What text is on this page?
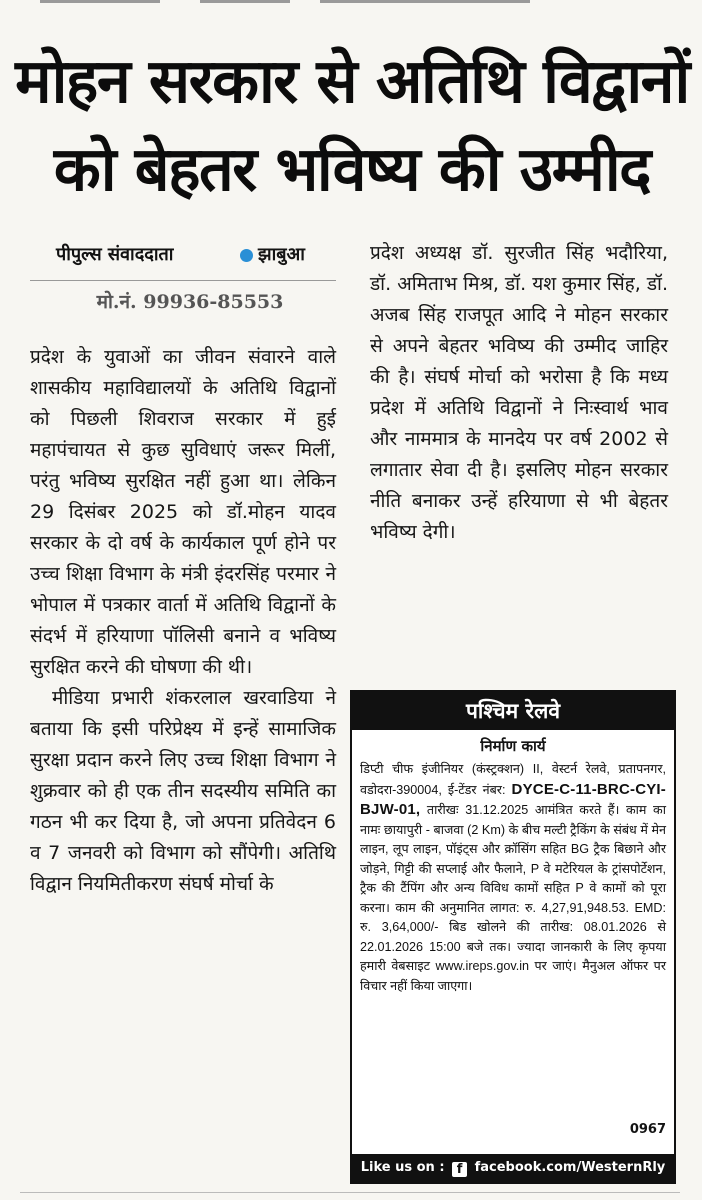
मोहन सरकार से अतिथि विद्वानों
को बेहतर भविष्य की उम्मीद
पीपुल्स संवाददाता	झाबुआ
मो.नं. 99936-85553

प्रदेश के युवाओं का जीवन संवारने वाले शासकीय महाविद्यालयों के अतिथि विद्वानों को पिछली शिवराज सरकार में हुई महापंचायत से कुछ सुविधाएं जरूर मिलीं, परंतु भविष्य सुरक्षित नहीं हुआ था। लेकिन 29 दिसंबर 2025 को डॉ.मोहन यादव सरकार के दो वर्ष के कार्यकाल पूर्ण होने पर उच्च शिक्षा विभाग के मंत्री इंदरसिंह परमार ने भोपाल में पत्रकार वार्ता में अतिथि विद्वानों के संदर्भ में हरियाणा पॉलिसी बनाने व भविष्य सुरक्षित करने की घोषणा की थी।

मीडिया प्रभारी शंकरलाल खरवाडिया ने बताया कि इसी परिप्रेक्ष्य में इन्हें सामाजिक सुरक्षा प्रदान करने लिए उच्च शिक्षा विभाग ने शुक्रवार को ही एक तीन सदस्यीय समिति का गठन भी कर दिया है, जो अपना प्रतिवेदन 6 व 7 जनवरी को विभाग को सौंपेगी। अतिथि विद्वान नियमितीकरण संघर्ष मोर्चा के

प्रदेश अध्यक्ष डॉ. सुरजीत सिंह भदौरिया, डॉ. अमिताभ मिश्र, डॉ. यश कुमार सिंह, डॉ. अजब सिंह राजपूत आदि ने मोहन सरकार से अपने बेहतर भविष्य की उम्मीद जाहिर की है। संघर्ष मोर्चा को भरोसा है कि मध्य प्रदेश में अतिथि विद्वानों ने निःस्वार्थ भाव और नाममात्र के मानदेय पर वर्ष 2002 से लगातार सेवा दी है। इसलिए मोहन सरकार नीति बनाकर उन्हें हरियाणा से भी बेहतर भविष्य देगी।

पश्चिम रेलवे
निर्माण कार्य
डिप्टी चीफ इंजीनियर (कंस्ट्रक्शन) II, वेस्टर्न रेलवे, प्रतापनगर, वडोदरा-390004, ई-टेंडर नंबर: DYCE-C-11-BRC-CYI-BJW-01, तारीखः 31.12.2025 आमंत्रित करते हैं। काम का नामः छायापुरी - बाजवा (2 Km) के बीच मल्टी ट्रैकिंग के संबंध में मेन लाइन, लूप लाइन, पॉइंट्स और क्रॉसिंग सहित BG ट्रैक बिछाने और जोड़ने, गिट्टी की सप्लाई और फैलाने, P वे मटेरियल के ट्रांसपोर्टेशन, ट्रैक की टैंपिंग और अन्य विविध कामों सहित P वे कामों को पूरा करना। काम की अनुमानित लागत: रु. 4,27,91,948.53. EMD: रु. 3,64,000/- बिड खोलने की तारीख: 08.01.2026 से 22.01.2026 15:00 बजे तक। ज्यादा जानकारी के लिए कृपया हमारी वेबसाइट www.ireps.gov.in पर जाएं। मैनुअल ऑफर पर विचार नहीं किया जाएगा।
0967
Like us on : f facebook.com/WesternRly
